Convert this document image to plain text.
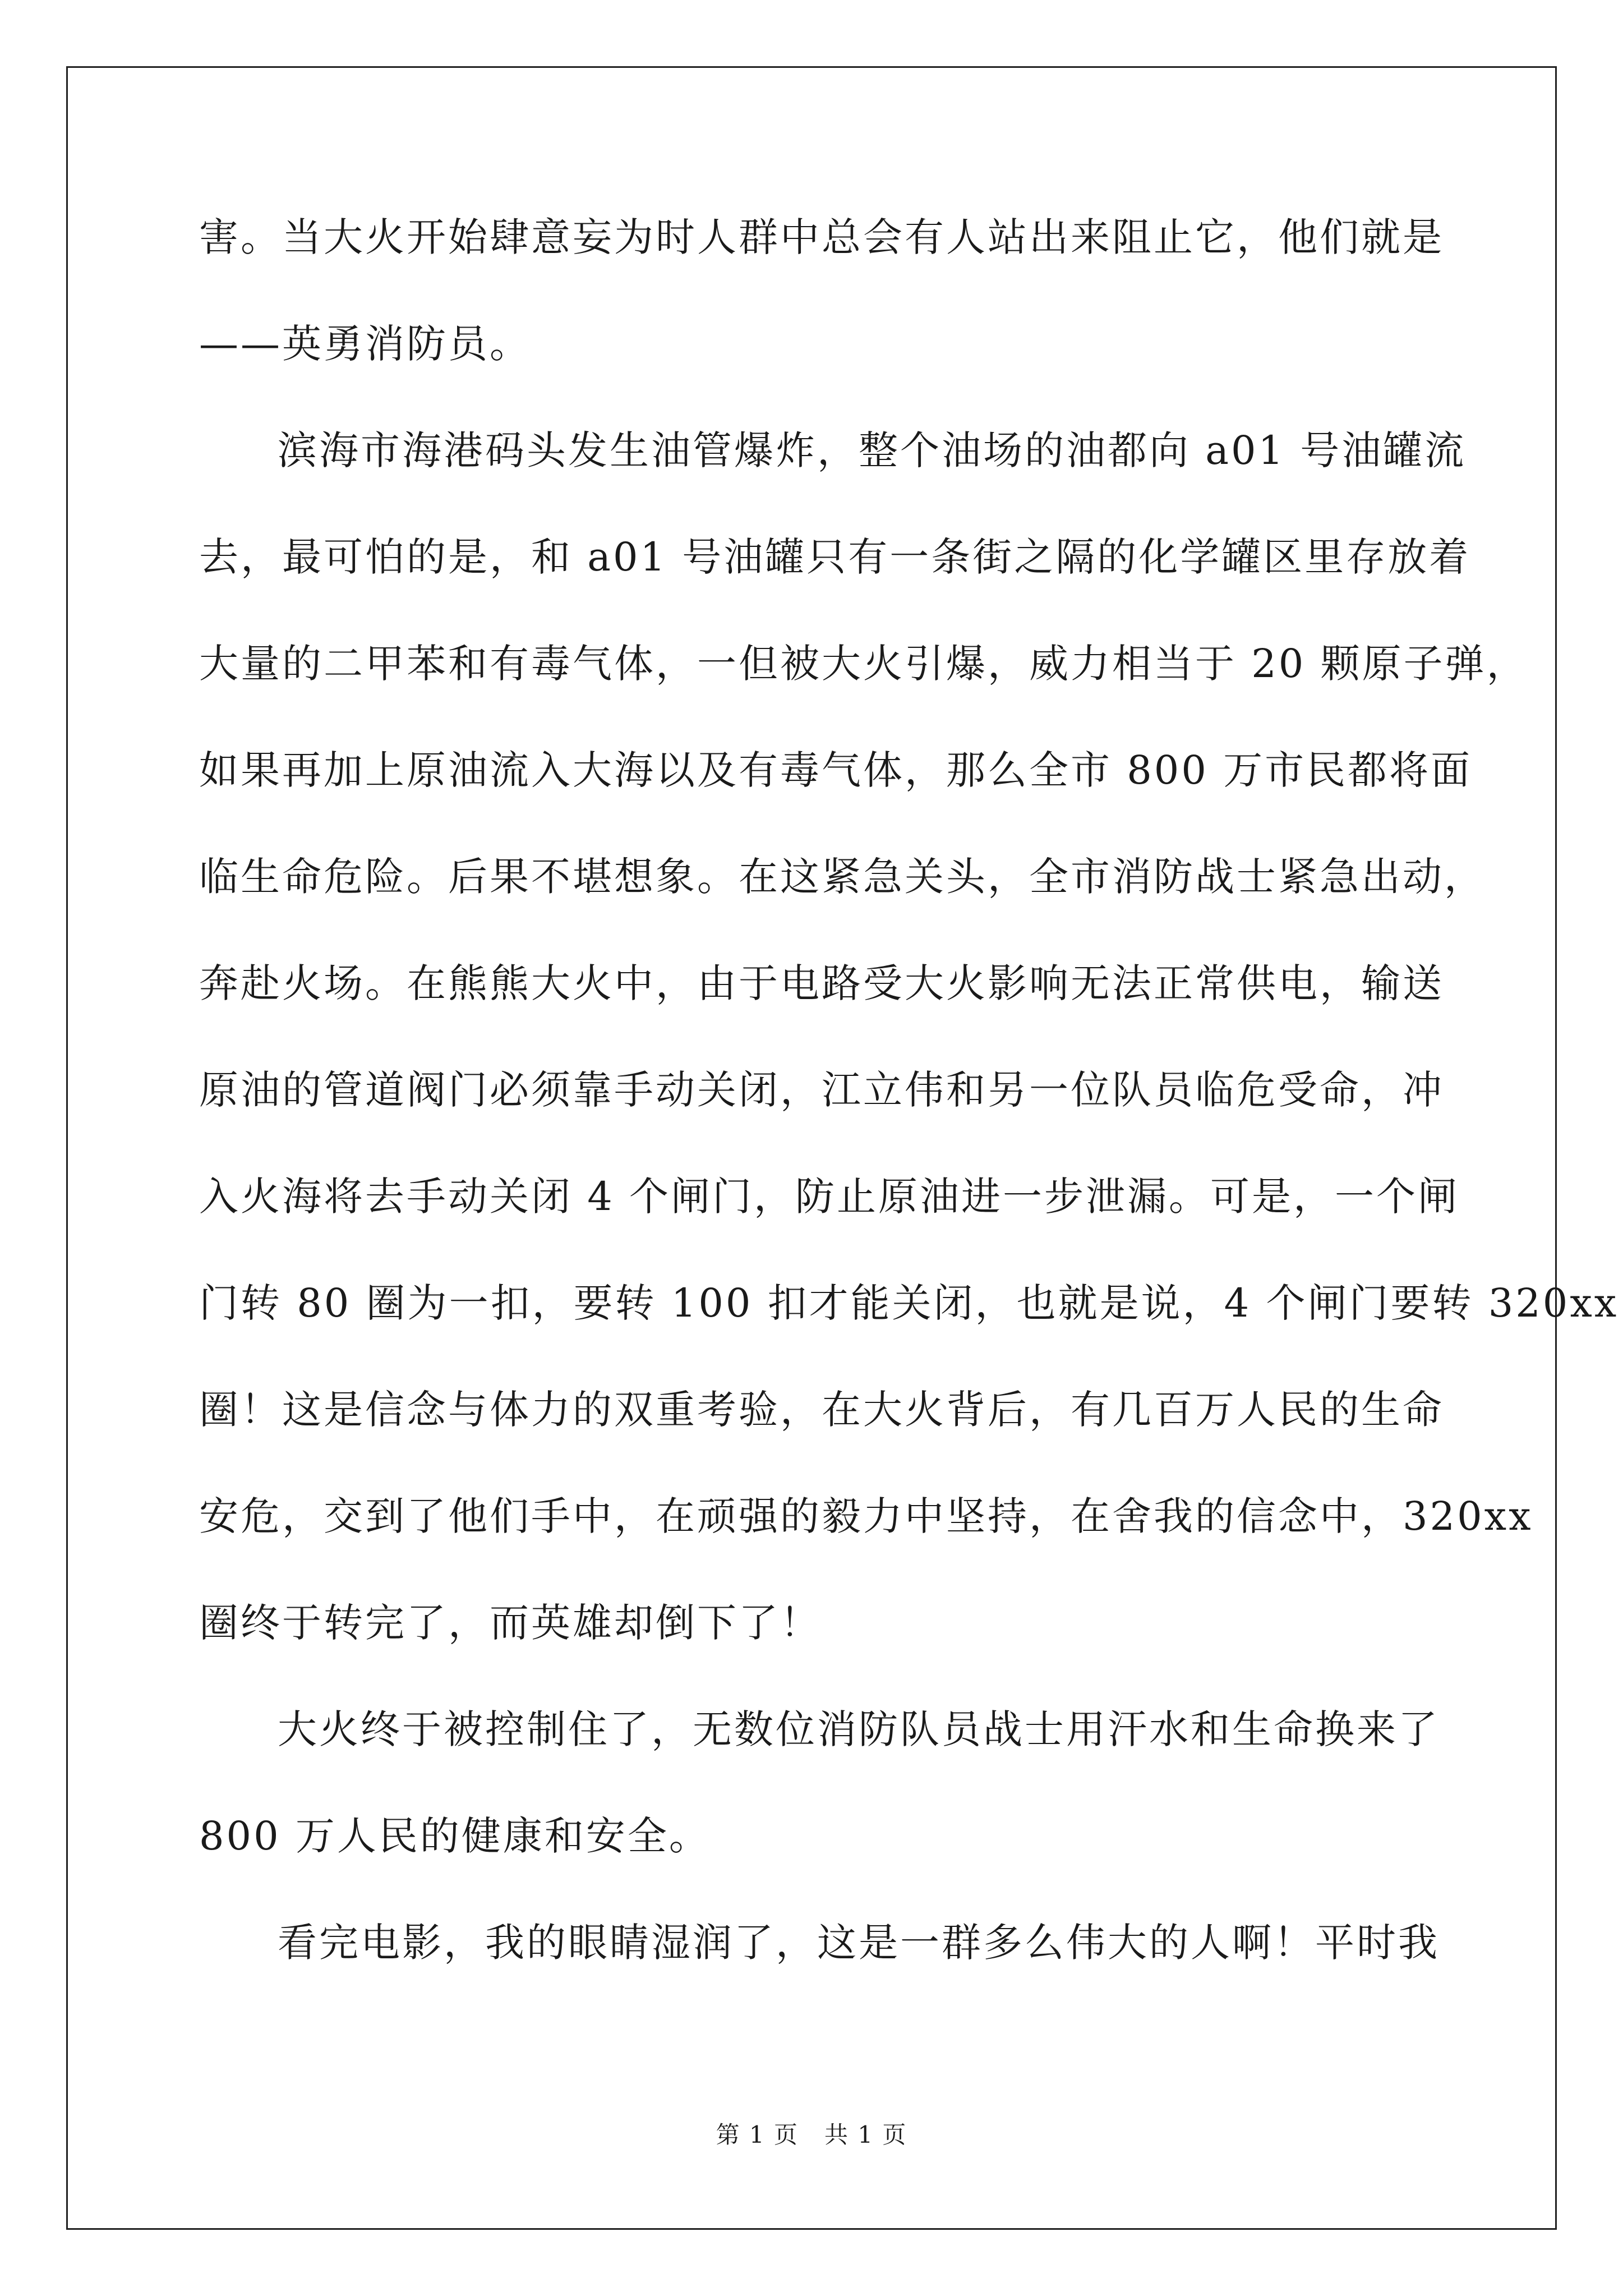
害。当大火开始肆意妄为时人群中总会有人站出来阻止它，他们就是
——英勇消防员。
滨海市海港码头发生油管爆炸，整个油场的油都向 a01 号油罐流
去，最可怕的是，和 a01 号油罐只有一条街之隔的化学罐区里存放着
大量的二甲苯和有毒气体，一但被大火引爆，威力相当于 20 颗原子弹，
如果再加上原油流入大海以及有毒气体，那么全市 800 万市民都将面
临生命危险。后果不堪想象。在这紧急关头，全市消防战士紧急出动，
奔赴火场。在熊熊大火中，由于电路受大火影响无法正常供电，输送
原油的管道阀门必须靠手动关闭，江立伟和另一位队员临危受命，冲
入火海将去手动关闭 4 个闸门，防止原油进一步泄漏。可是，一个闸
门转 80 圈为一扣，要转 100 扣才能关闭，也就是说，4 个闸门要转 320xx
圈！这是信念与体力的双重考验，在大火背后，有几百万人民的生命
安危，交到了他们手中，在顽强的毅力中坚持，在舍我的信念中，320xx
圈终于转完了，而英雄却倒下了！
大火终于被控制住了，无数位消防队员战士用汗水和生命换来了
800 万人民的健康和安全。
看完电影，我的眼睛湿润了，这是一群多么伟大的人啊！平时我
第 1 页 共 1 页
